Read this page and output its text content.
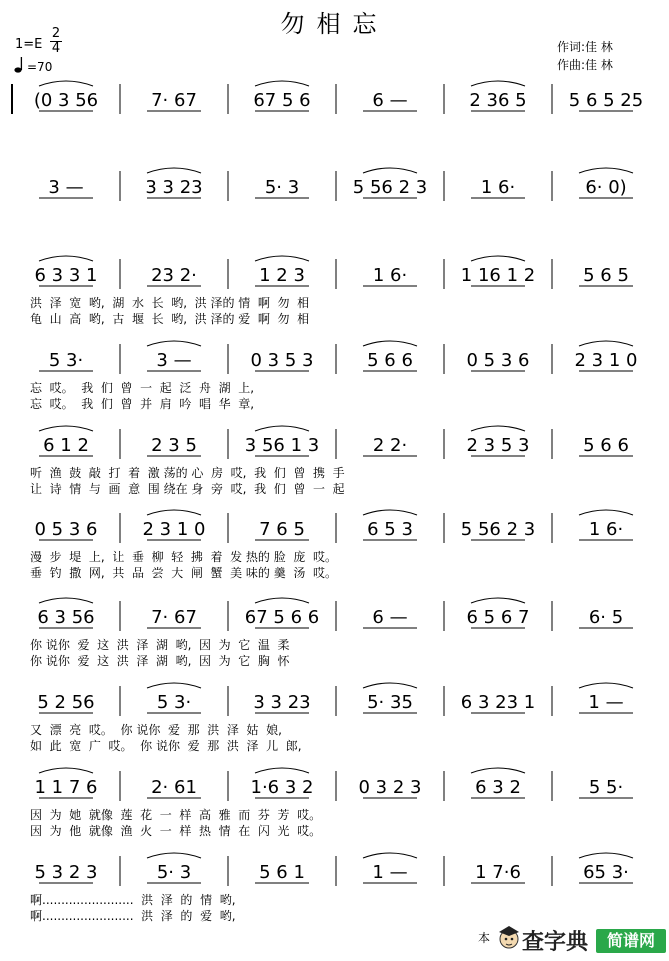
勿相忘
1=E
2
4
=70
作词:佳 林
作曲:佳 林
(0 3 56	7· 67	67 5 6	6 —	2 36 5 5 6 5 25
3 —	3 3 23	5· 3	5 56 2 3	1 6·	6· 0)
6 3 3 1	23 2·	1 2 3	1 6·	1 16 1 2	5 6 5
5 3·	3 —	0 3 5 3	5 6 6	0 5 3 6	2 3 1 0
6 1 2	2 3 5	3 56 1 3	2 2·	2 3 5 3	5 6 6
0 5 3 6	2 3 1 0	7 6 5	6 5 3	5 56 2 3	1 6·
6 3 56	7· 67	67 5 6 6	6 —	6 5 6 7	6· 5
5 2 56	5 3·	3 3 23	5· 35	6 3 23 1	1 —
1 1 7 6	2· 61	1·6 3 2	0 3 2 3	6 3 2	5 5·
5 3 2 3	5· 3	5 6 1	1 —	1 7·6	65 3·
洪  泽  宽  哟,  湖  水  长  哟,  洪 泽的 情  啊  勿  相
龟  山  高  哟,  古  堰  长  哟,  洪 泽的 爱  啊  勿  相
忘  哎。  我  们  曾  一  起  泛  舟  湖  上,
忘  哎。  我  们  曾  并  肩  吟  唱  华  章,
听  渔  鼓  敲  打  着  激 荡的 心  房  哎,  我  们  曾  携  手
让  诗  情  与  画  意  围 绕在 身  旁  哎,  我  们  曾  一  起
漫  步  堤  上,  让  垂  柳  轻  拂  着  发 热的 脸  庞  哎。
垂  钓  撒  网,  共  品  尝  大  闸  蟹  美 味的 羹  汤  哎。
你 说你  爱  这  洪  泽  湖  哟,  因  为  它  温  柔
你 说你  爱  这  洪  泽  湖  哟,  因  为  它  胸  怀
又  漂  亮  哎。  你 说你  爱  那  洪  泽  姑  娘,
如  此  宽  广  哎。  你 说你  爱  那  洪  泽  儿  郎,
因  为  她  就像  莲  花  一  样  高  雅  而  芬  芳  哎。
因  为  他  就像  渔  火  一  样  热  情  在  闪  光  哎。
啊........................  洪  泽  的  情  哟,
啊........................  洪  泽  的  爱  哟,
本 查字典	简谱网
